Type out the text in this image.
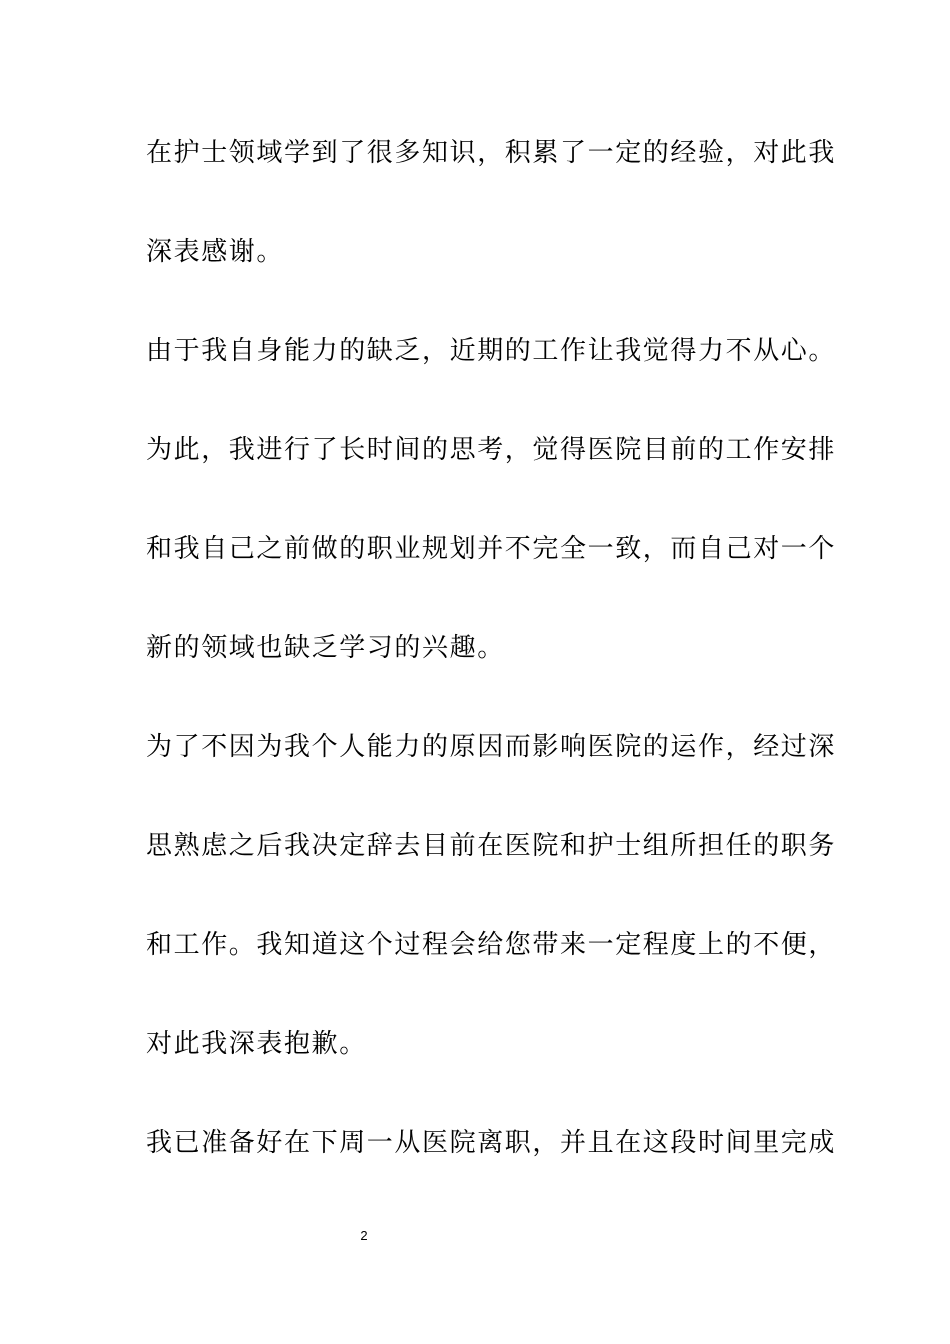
在护士领域学到了很多知识，积累了一定的经验，对此我
深表感谢。
由于我自身能力的缺乏，近期的工作让我觉得力不从心。
为此，我进行了长时间的思考，觉得医院目前的工作安排
和我自己之前做的职业规划并不完全一致，而自己对一个
新的领域也缺乏学习的兴趣。
为了不因为我个人能力的原因而影响医院的运作，经过深
思熟虑之后我决定辞去目前在医院和护士组所担任的职务
和工作。我知道这个过程会给您带来一定程度上的不便，
对此我深表抱歉。
我已准备好在下周一从医院离职，并且在这段时间里完成
2
